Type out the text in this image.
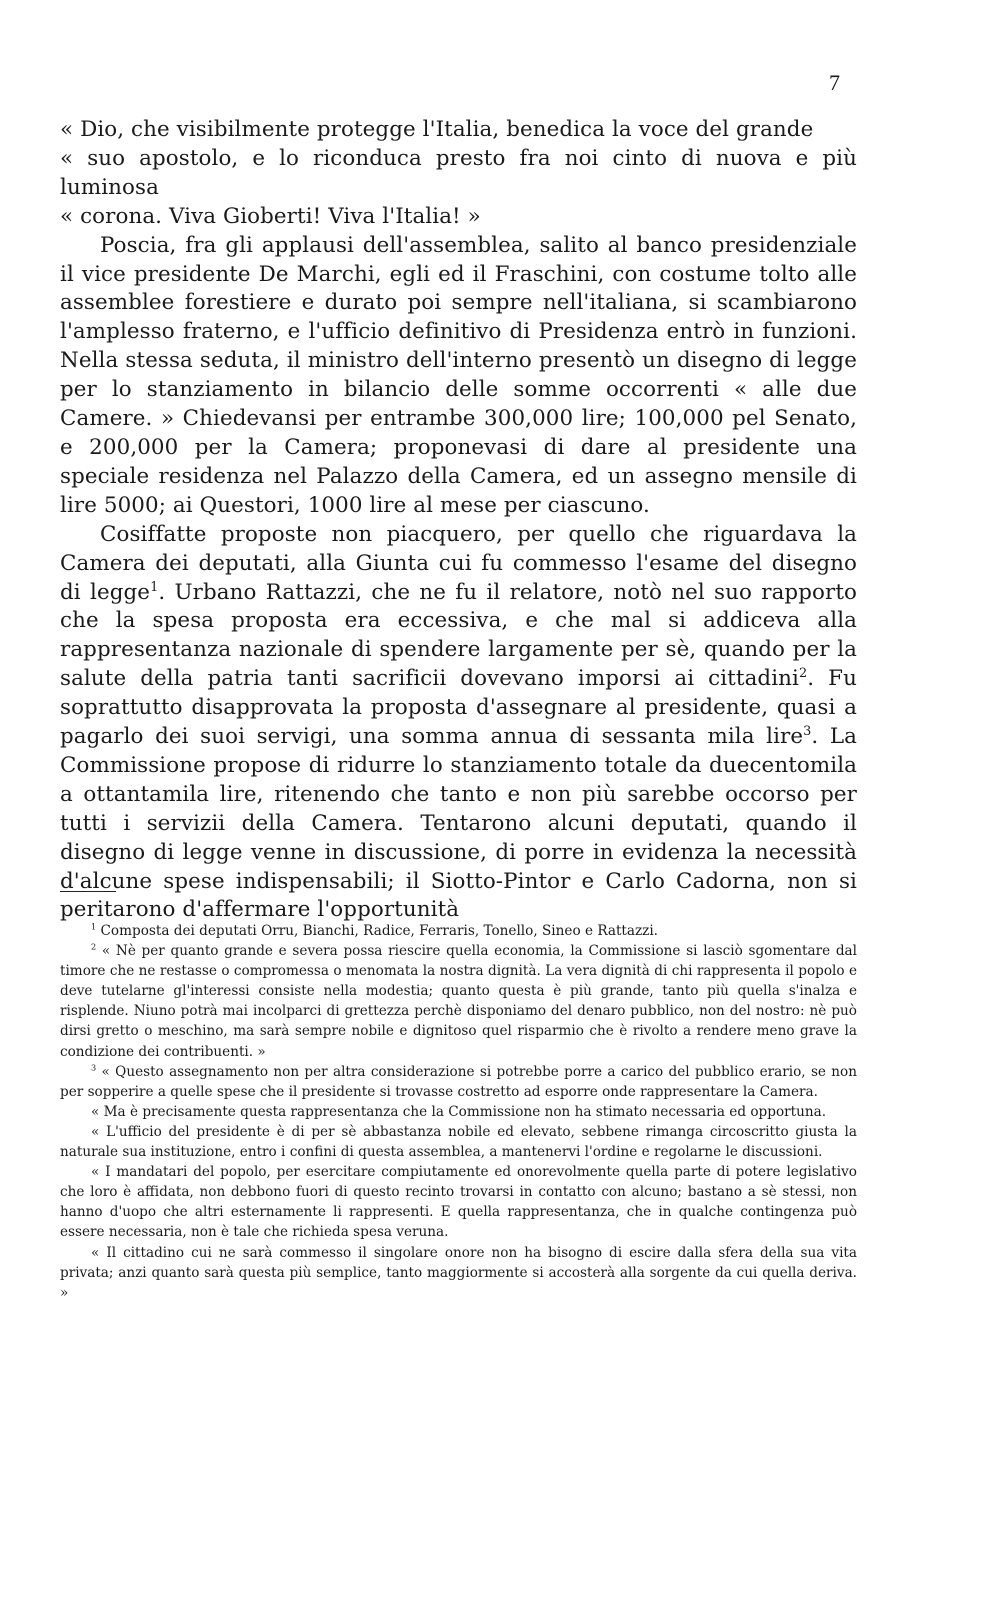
7

« Dio, che visibilmente protegge l'Italia, benedica la voce del grande

« suo apostolo, e lo riconduca presto fra noi cinto di nuova e più luminosa

« corona. Viva Gioberti! Viva l'Italia! »

Poscia, fra gli applausi dell'assemblea, salito al banco presidenziale il vice presidente De Marchi, egli ed il Fraschini, con costume tolto alle assemblee forestiere e durato poi sempre nell'italiana, si scambiarono l'amplesso fraterno, e l'ufficio definitivo di Presidenza entrò in funzioni. Nella stessa seduta, il ministro dell'interno presentò un disegno di legge per lo stanziamento in bilancio delle somme occorrenti « alle due Camere. » Chiedevansi per entrambe 300,000 lire; 100,000 pel Senato, e 200,000 per la Camera; proponevasi di dare al presidente una speciale residenza nel Palazzo della Camera, ed un assegno mensile di lire 5000; ai Questori, 1000 lire al mese per ciascuno.

Cosiffatte proposte non piacquero, per quello che riguardava la Camera dei deputati, alla Giunta cui fu commesso l'esame del disegno di legge$^1$. Urbano Rattazzi, che ne fu il relatore, notò nel suo rapporto che la spesa proposta era eccessiva, e che mal si addiceva alla rappresentanza nazionale di spendere largamente per sè, quando per la salute della patria tanti sacrificii dovevano imporsi ai cittadini$^2$. Fu soprattutto disapprovata la proposta d'assegnare al presidente, quasi a pagarlo dei suoi servigi, una somma annua di sessanta mila lire$^3$. La Commissione propose di ridurre lo stanziamento totale da duecentomila a ottantamila lire, ritenendo che tanto e non più sarebbe occorso per tutti i servizii della Camera. Tentarono alcuni deputati, quando il disegno di legge venne in discussione, di porre in evidenza la necessità d'alcune spese indispensabili; il Siotto-Pintor e Carlo Cadorna, non si peritarono d'affermare l'opportunità

$^1$ Composta dei deputati Orru, Bianchi, Radice, Ferraris, Tonello, Sineo e Rattazzi.

$^2$ « Nè per quanto grande e severa possa riescire quella economia, la Commissione si lasciò sgomentare dal timore che ne restasse o compromessa o menomata la nostra dignità. La vera dignità di chi rappresenta il popolo e deve tutelarne gl'interessi consiste nella modestia; quanto questa è più grande, tanto più quella s'inalza e risplende. Niuno potrà mai incolparci di grettezza perchè disponiamo del denaro pubblico, non del nostro: nè può dirsi gretto o meschino, ma sarà sempre nobile e dignitoso quel risparmio che è rivolto a rendere meno grave la condizione dei contribuenti. »

$^3$ « Questo assegnamento non per altra considerazione si potrebbe porre a carico del pubblico erario, se non per sopperire a quelle spese che il presidente si trovasse costretto ad esporre onde rappresentare la Camera.

« Ma è precisamente questa rappresentanza che la Commissione non ha stimato necessaria ed opportuna.

« L'ufficio del presidente è di per sè abbastanza nobile ed elevato, sebbene rimanga circoscritto giusta la naturale sua instituzione, entro i confini di questa assemblea, a mantenervi l'ordine e regolarne le discussioni.

« I mandatari del popolo, per esercitare compiutamente ed onorevolmente quella parte di potere legislativo che loro è affidata, non debbono fuori di questo recinto trovarsi in contatto con alcuno; bastano a sè stessi, non hanno d'uopo che altri esternamente li rappresenti. E quella rappresentanza, che in qualche contingenza può essere necessaria, non è tale che richieda spesa veruna.

« Il cittadino cui ne sarà commesso il singolare onore non ha bisogno di escire dalla sfera della sua vita privata; anzi quanto sarà questa più semplice, tanto maggiormente si accosterà alla sorgente da cui quella deriva. »
